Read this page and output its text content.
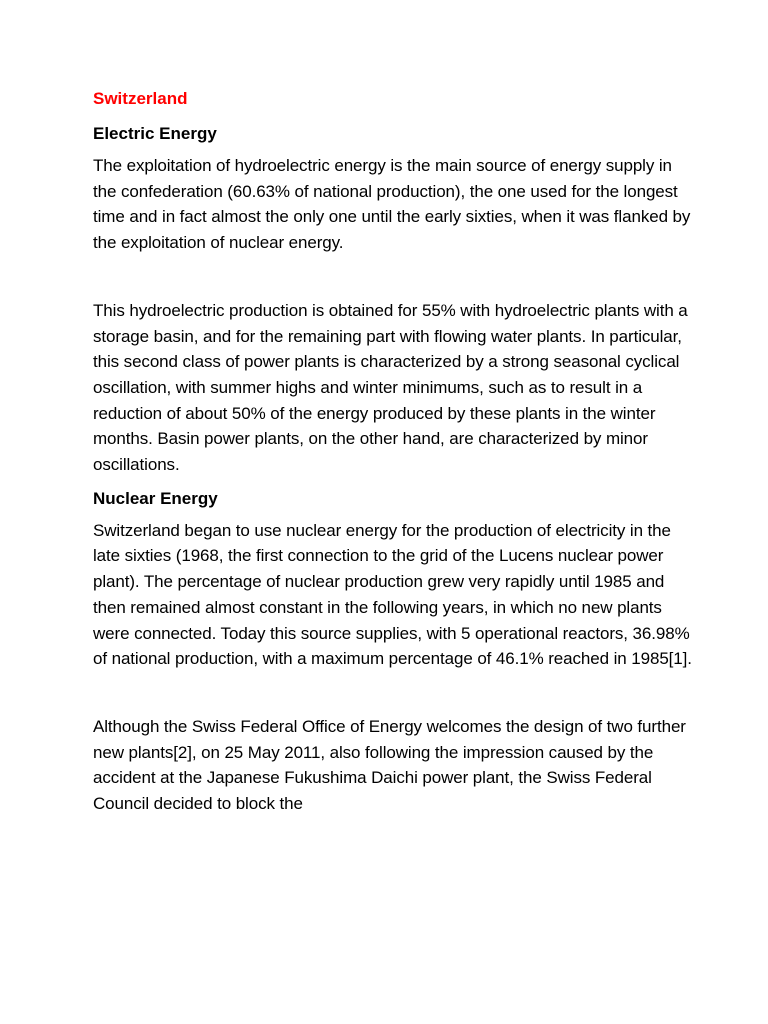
Switzerland
Electric Energy

The exploitation of hydroelectric energy is the main source of energy supply in the confederation (60.63% of national production), the one used for the longest time and in fact almost the only one until the early sixties, when it was flanked by the exploitation of nuclear energy.

This hydroelectric production is obtained for 55% with hydroelectric plants with a storage basin, and for the remaining part with flowing water plants. In particular, this second class of power plants is characterized by a strong seasonal cyclical oscillation, with summer highs and winter minimums, such as to result in a reduction of about 50% of the energy produced by these plants in the winter months. Basin power plants, on the other hand, are characterized by minor oscillations.

Nuclear Energy

Switzerland began to use nuclear energy for the production of electricity in the late sixties (1968, the first connection to the grid of the Lucens nuclear power plant). The percentage of nuclear production grew very rapidly until 1985 and then remained almost constant in the following years, in which no new plants were connected. Today this source supplies, with 5 operational reactors, 36.98% of national production, with a maximum percentage of 46.1% reached in 1985[1].

Although the Swiss Federal Office of Energy welcomes the design of two further new plants[2], on 25 May 2011, also following the impression caused by the accident at the Japanese Fukushima Daichi power plant, the Swiss Federal Council decided to block the
